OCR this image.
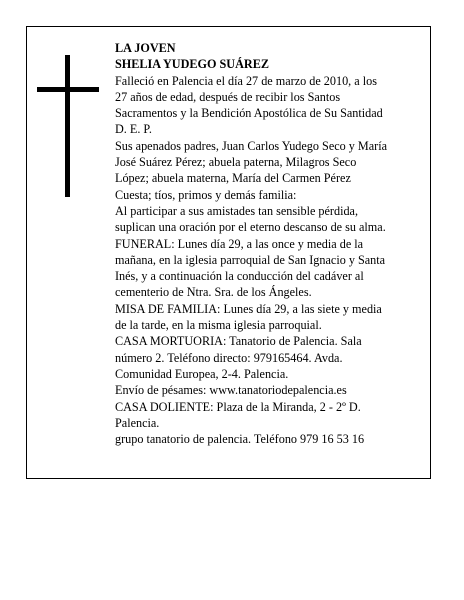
LA JOVEN
SHELIA YUDEGO SUÁREZ
Falleció en Palencia el día 27 de marzo de 2010, a los
27 años de edad, después de recibir los Santos
Sacramentos y la Bendición Apostólica de Su Santidad
D. E. P.
Sus apenados padres, Juan Carlos Yudego Seco y María
José Suárez Pérez; abuela paterna, Milagros Seco
López; abuela materna, María del Carmen Pérez
Cuesta; tíos, primos y demás familia:
Al participar a sus amistades tan sensible pérdida,
suplican una oración por el eterno descanso de su alma.
FUNERAL: Lunes día 29, a las once y media de la
mañana, en la iglesia parroquial de San Ignacio y Santa
Inés, y a continuación la conducción del cadáver al
cementerio de Ntra. Sra. de los Ángeles.
MISA DE FAMILIA: Lunes día 29, a las siete y media
de la tarde, en la misma iglesia parroquial.
CASA MORTUORIA: Tanatorio de Palencia. Sala
número 2. Teléfono directo: 979165464. Avda.
Comunidad Europea, 2-4. Palencia.
Envío de pésames: www.tanatoriodepalencia.es
CASA DOLIENTE: Plaza de la Miranda, 2 - 2º D.
Palencia.
grupo tanatorio de palencia. Teléfono 979 16 53 16
